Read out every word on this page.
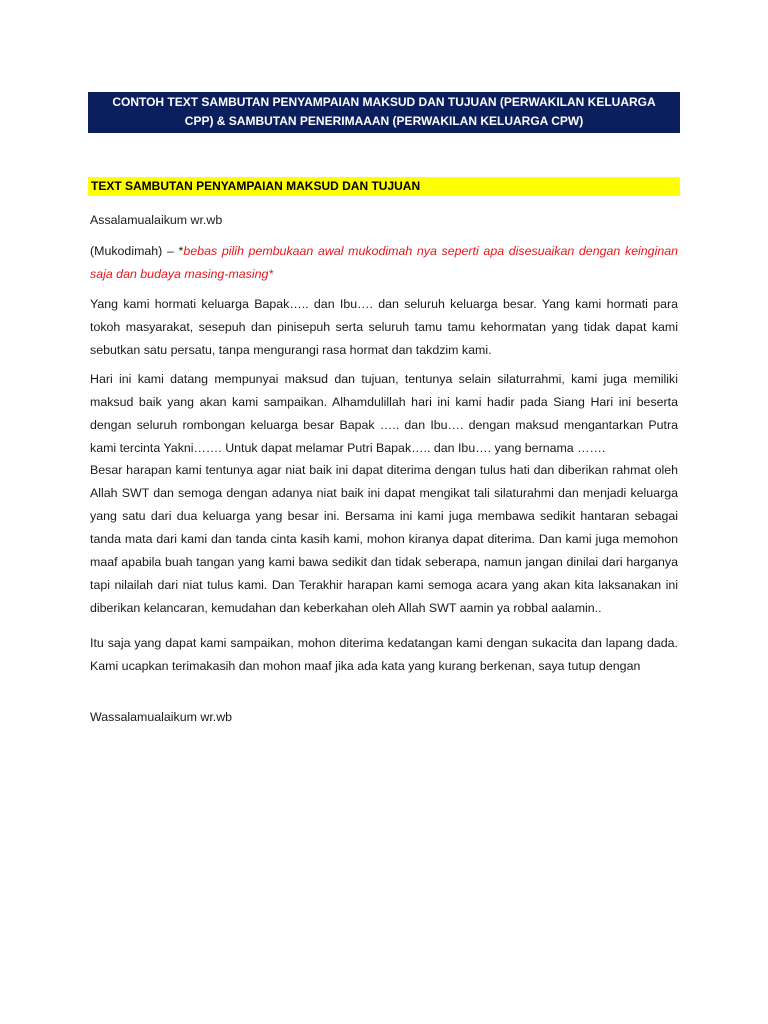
CONTOH TEXT SAMBUTAN PENYAMPAIAN MAKSUD DAN TUJUAN (PERWAKILAN KELUARGA
CPP) & SAMBUTAN PENERIMAAAN (PERWAKILAN KELUARGA CPW)
TEXT SAMBUTAN PENYAMPAIAN MAKSUD DAN TUJUAN
Assalamualaikum wr.wb
(Mukodimah) – *bebas pilih pembukaan awal mukodimah nya seperti apa disesuaikan dengan keinginan saja dan budaya masing-masing*
Yang kami hormati keluarga Bapak….. dan Ibu…. dan seluruh keluarga besar. Yang kami hormati para tokoh masyarakat, sesepuh dan pinisepuh serta seluruh tamu tamu kehormatan yang tidak dapat kami sebutkan satu persatu, tanpa mengurangi rasa hormat dan takdzim kami.
Hari ini kami datang mempunyai maksud dan tujuan, tentunya selain silaturrahmi, kami juga memiliki maksud baik yang akan kami sampaikan. Alhamdulillah hari ini kami hadir pada Siang Hari ini beserta dengan seluruh rombongan keluarga besar Bapak ….. dan Ibu…. dengan maksud mengantarkan Putra kami tercinta Yakni……. Untuk dapat melamar Putri Bapak….. dan Ibu…. yang bernama …….
Besar harapan kami tentunya agar niat baik ini dapat diterima dengan tulus hati dan diberikan rahmat oleh Allah SWT dan semoga dengan adanya niat baik ini dapat mengikat tali silaturahmi dan menjadi keluarga yang satu dari dua keluarga yang besar ini. Bersama ini kami juga membawa sedikit hantaran sebagai tanda mata dari kami dan tanda cinta kasih kami, mohon kiranya dapat diterima. Dan kami juga memohon maaf apabila buah tangan yang kami bawa sedikit dan tidak seberapa, namun jangan dinilai dari harganya tapi nilailah dari niat tulus kami. Dan Terakhir harapan kami semoga acara yang akan kita laksanakan ini diberikan kelancaran, kemudahan dan keberkahan oleh Allah SWT aamin ya robbal aalamin..
Itu saja yang dapat kami sampaikan, mohon diterima kedatangan kami dengan sukacita dan lapang dada. Kami ucapkan terimakasih dan mohon maaf jika ada kata yang kurang berkenan, saya tutup dengan
Wassalamualaikum wr.wb
